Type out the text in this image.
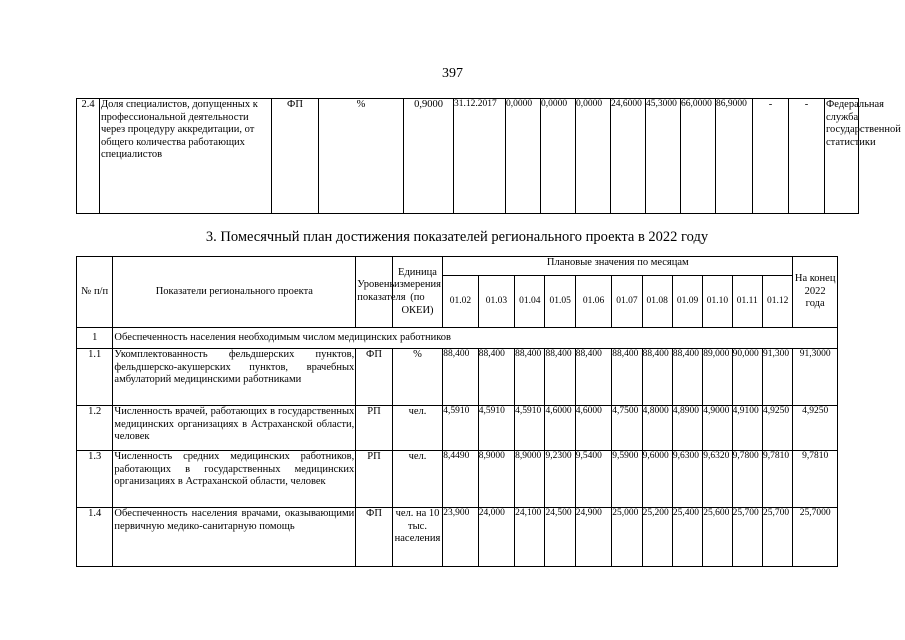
397
2.4	Доля специалистов, допущенных к профессиональной деятельности через процедуру аккредитации, от общего количества работающих специалистов	ФП	%	0,9000	31.12.2017	0,0000	0,0000	0,0000	24,6000	45,3000	66,0000	86,9000	-	-	Федеральная служба государственной статистики
3. Помесячный план достижения показателей регионального проекта в 2022 году
№ п/п	Показатели регионального проекта	Уровень показателя	Единица измерения (по ОКЕИ)	Плановые значения по месяцам											На конец 2022 года
				01.02	01.03	01.04	01.05	01.06	01.07	01.08	01.09	01.10	01.11	01.12	
1	Обеспеченность населения необходимым числом медицинских работников														
1.1	Укомплектованность фельдшерских пунктов, фельдшерско-акушерских пунктов, врачебных амбулаторий медицинскими работниками	ФП	%	88,400	88,400	88,400	88,400	88,400	88,400	88,400	88,400	89,000	90,000	91,300	91,3000
1.2	Численность врачей, работающих в государственных медицинских организациях в Астраханской области, человек	РП	чел.	4,5910	4,5910	4,5910	4,6000	4,6000	4,7500	4,8000	4,8900	4,9000	4,9100	4,9250	4,9250
1.3	Численность средних медицинских работников, работающих в государственных медицинских организациях в Астраханской области, человек	РП	чел.	8,4490	8,9000	8,9000	9,2300	9,5400	9,5900	9,6000	9,6300	9,6320	9,7800	9,7810	9,7810
1.4	Обеспеченность населения врачами, оказывающими первичную медико-санитарную помощь	ФП	чел. на 10 тыс. населения	23,900	24,000	24,100	24,500	24,900	25,000	25,200	25,400	25,600	25,700	25,700	25,7000
